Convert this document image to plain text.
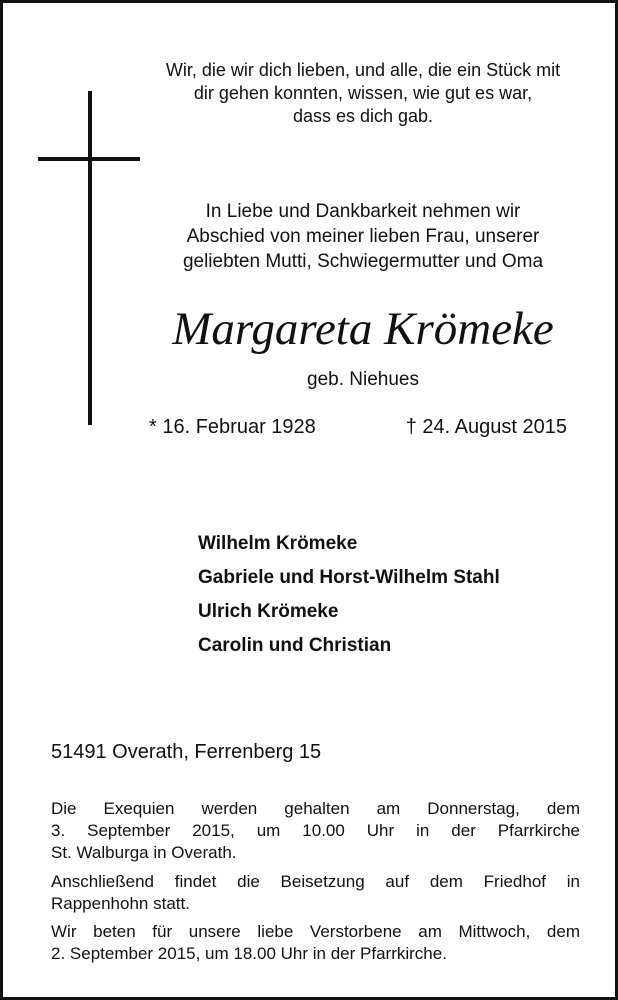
Wir, die wir dich lieben, und alle, die ein Stück mit
dir gehen konnten, wissen, wie gut es war,
dass es dich gab.
In Liebe und Dankbarkeit nehmen wir
Abschied von meiner lieben Frau, unserer
geliebten Mutti, Schwiegermutter und Oma
Margareta Krömeke
geb. Niehues
* 16. Februar 1928	† 24. August 2015
Wilhelm Krömeke
Gabriele und Horst-Wilhelm Stahl
Ulrich Krömeke
Carolin und Christian
51491 Overath, Ferrenberg 15
Die Exequien werden gehalten am Donnerstag, dem
3. September 2015, um 10.00 Uhr in der Pfarrkirche
St. Walburga in Overath.
Anschließend findet die Beisetzung auf dem Friedhof in
Rappenhohn statt.
Wir beten für unsere liebe Verstorbene am Mittwoch, dem
2. September 2015, um 18.00 Uhr in der Pfarrkirche.
